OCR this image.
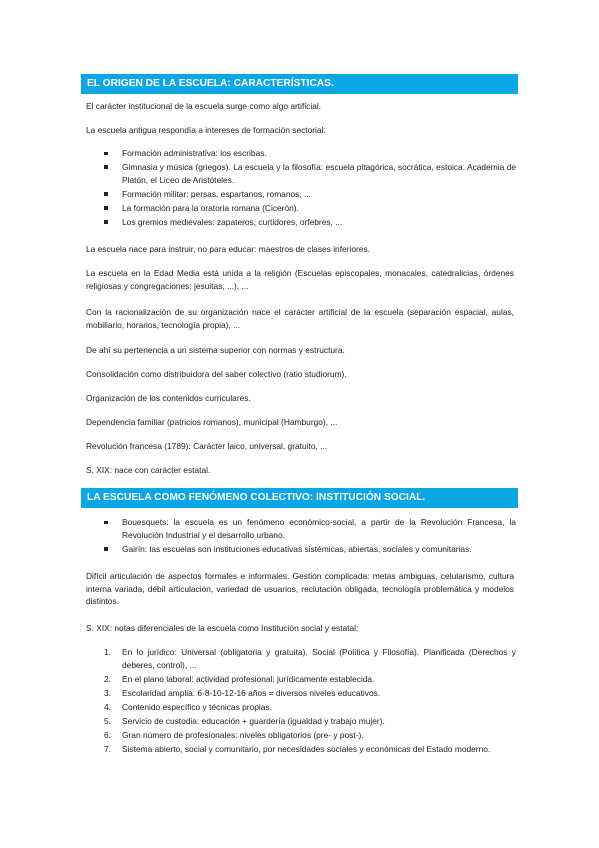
EL ORIGEN DE LA ESCUELA: CARACTERÍSTICAS.

El carácter institucional de la escuela surge como algo artificial.

La escuela antigua respondía a intereses de formación sectorial:

Formación administrativa: los escribas.
Gimnasia y música (griegos). La escuela y la filosofía: escuela pitagórica, socrática, estoica. Academia de Platón, el Liceo de Aristóteles.
Formación militar: persas, espartanos, romanos, ...
La formación para la oratoria romana (Cicerón).
Los gremios medievales: zapateros, curtidores, orfebres, ...

La escuela nace para instruir, no para educar: maestros de clases inferiores.

La escuela en la Edad Media está unida a la religión (Escuelas episcopales, monacales, catedralicias, órdenes religiosas y congregaciones: jesuitas, ...), ...

Con la racionalización de su organización nace el carácter artificial de la escuela (separación espacial, aulas, mobiliario, horarios, tecnología propia), ...

De ahí su pertenencia a un sistema superior con normas y estructura.

Consolidación como distribuidora del saber colectivo (ratio studiorum).

Organización de los contenidos curriculares.

Dependencia familiar (patricios romanos), municipal (Hamburgo), ...

Revolución francesa (1789): Carácter laico, universal, gratuito, ...

S. XIX: nace con carácter estatal.

LA ESCUELA COMO FENÓMENO COLECTIVO: INSTITUCIÓN SOCIAL.
Bouesquets: la escuela es un fenómeno económico-social, a partir de la Revolución Francesa, la Revolución Industrial y el desarrollo urbano.
Gairín: las escuelas son instituciones educativas sistémicas, abiertas, sociales y comunitarias.

Difícil articulación de aspectos formales e informales. Gestión complicada: metas ambiguas, celularismo, cultura interna variada, débil articulación, variedad de usuarios, reclutación obligada, tecnología problemática y modelos distintos.

S. XIX: notas diferenciales de la escuela como Institución social y estatal:

1.	En lo jurídico: Universal (obligatoria y gratuita). Social (Política y Filosofía). Planificada (Derechos y deberes, control), ...
2.	En el plano laboral: actividad profesional: jurídicamente establecida.
3.	Escolaridad amplia: 6-8-10-12-16 años = diversos niveles educativos.
4.	Contenido específico y técnicas propias.
5.	Servicio de custodia: educación + guardería (igualdad y trabajo mujer).
6.	Gran número de profesionales: niveles obligatorios (pre- y post-).
7.	Sistema abierto, social y comunitario, por necesidades sociales y económicas del Estado moderno.
